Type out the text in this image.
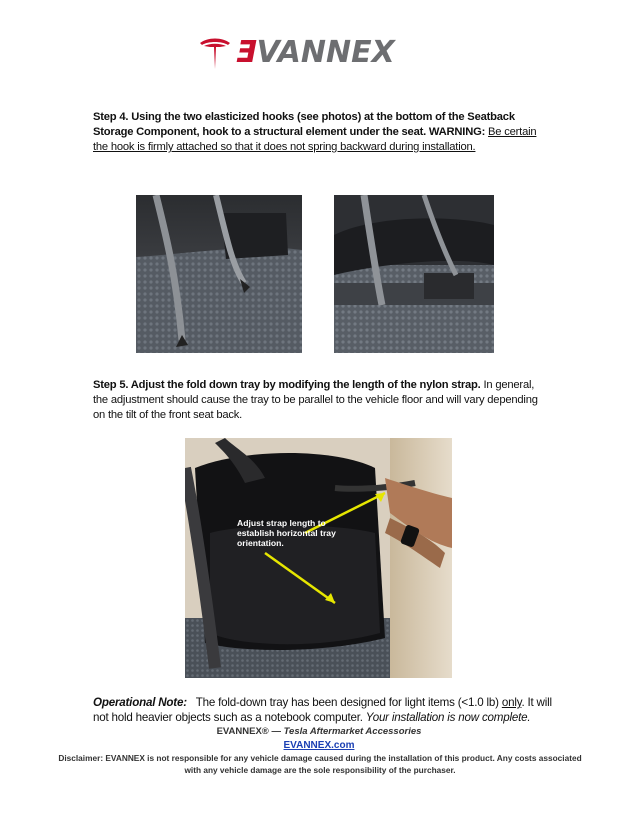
ƎVANNEX
Step 4. Using the two elasticized hooks (see photos) at the bottom of the Seatback Storage Component, hook to a structural element under the seat. WARNING: Be certain the hook is firmly attached so that it does not spring backward during installation.
Step 5. Adjust the fold down tray by modifying the length of the nylon strap. In general, the adjustment should cause the tray to be parallel to the vehicle floor and will vary depending on the tilt of the front seat back.
Adjust strap length to establish horizontal tray orientation.
Operational Note: The fold-down tray has been designed for light items (<1.0 lb) only. It will not hold heavier objects such as a notebook computer. Your installation is now complete.
EVANNEX® — Tesla Aftermarket Accessories
EVANNEX.com
Disclaimer: EVANNEX is not responsible for any vehicle damage caused during the installation of this product. Any costs associated with any vehicle damage are the sole responsibility of the purchaser.
